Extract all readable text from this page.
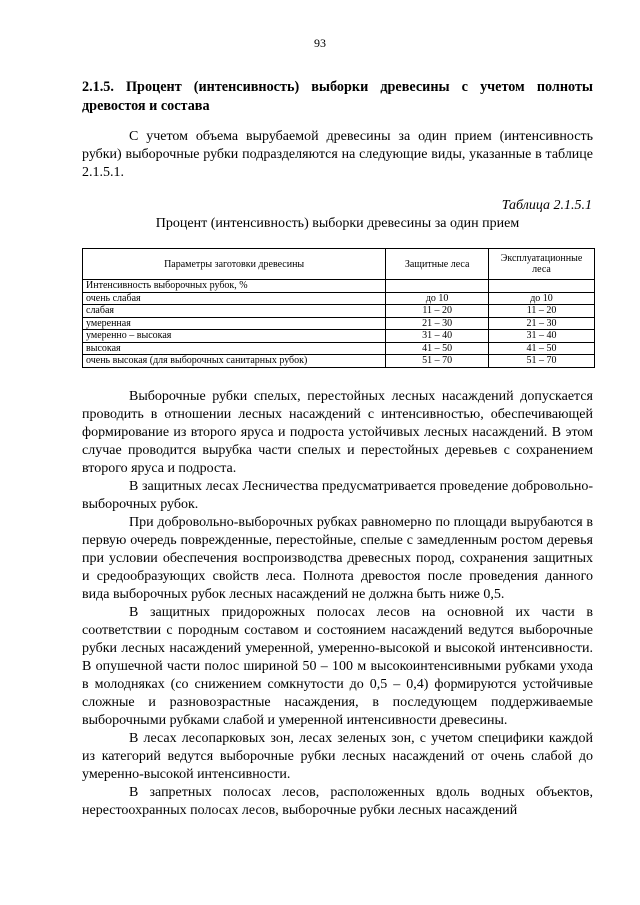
93
2.1.5. Процент (интенсивность) выборки древесины с учетом полноты древостоя и состава

С учетом объема вырубаемой древесины за один прием (интенсивность рубки) выборочные рубки подразделяются на следующие виды, указанные в таблице 2.1.5.1.

Таблица 2.1.5.1
Процент (интенсивность) выборки древесины за один прием
Параметры заготовки древесины	Защитные леса	Эксплуатационные леса
Интенсивность выборочных рубок, %		
очень слабая	до 10	до 10
слабая	11 – 20	11 – 20
умеренная	21 – 30	21 – 30
умеренно – высокая	31 – 40	31 – 40
высокая	41 – 50	41 – 50
очень высокая (для выборочных санитарных рубок)	51 – 70	51 – 70

Выборочные рубки спелых, перестойных лесных насаждений допускается проводить в отношении лесных насаждений с интенсивностью, обеспечивающей формирование из второго яруса и подроста устойчивых лесных насаждений. В этом случае проводится вырубка части спелых и перестойных деревьев с сохранением второго яруса и подроста.

В защитных лесах Лесничества предусматривается проведение добровольно-выборочных рубок.

При добровольно-выборочных рубках равномерно по площади вырубаются в первую очередь поврежденные, перестойные, спелые с замедленным ростом деревья при условии обеспечения воспроизводства древесных пород, сохранения защитных и средообразующих свойств леса. Полнота древостоя после проведения данного вида выборочных рубок лесных насаждений не должна быть ниже 0,5.

В защитных придорожных полосах лесов на основной их части в соответствии с породным составом и состоянием насаждений ведутся выборочные рубки лесных насаждений умеренной, умеренно-высокой и высокой интенсивности. В опушечной части полос шириной 50 – 100 м высокоинтенсивными рубками ухода в молодняках (со снижением сомкнутости до 0,5 – 0,4) формируются устойчивые сложные и разновозрастные насаждения, в последующем поддерживаемые выборочными рубками слабой и умеренной интенсивности древесины.

В лесах лесопарковых зон, лесах зеленых зон, с учетом специфики каждой из категорий ведутся выборочные рубки лесных насаждений от очень слабой до умеренно-высокой интенсивности.

В запретных полосах лесов, расположенных вдоль водных объектов, нерестоохранных полосах лесов, выборочные рубки лесных насаждений
